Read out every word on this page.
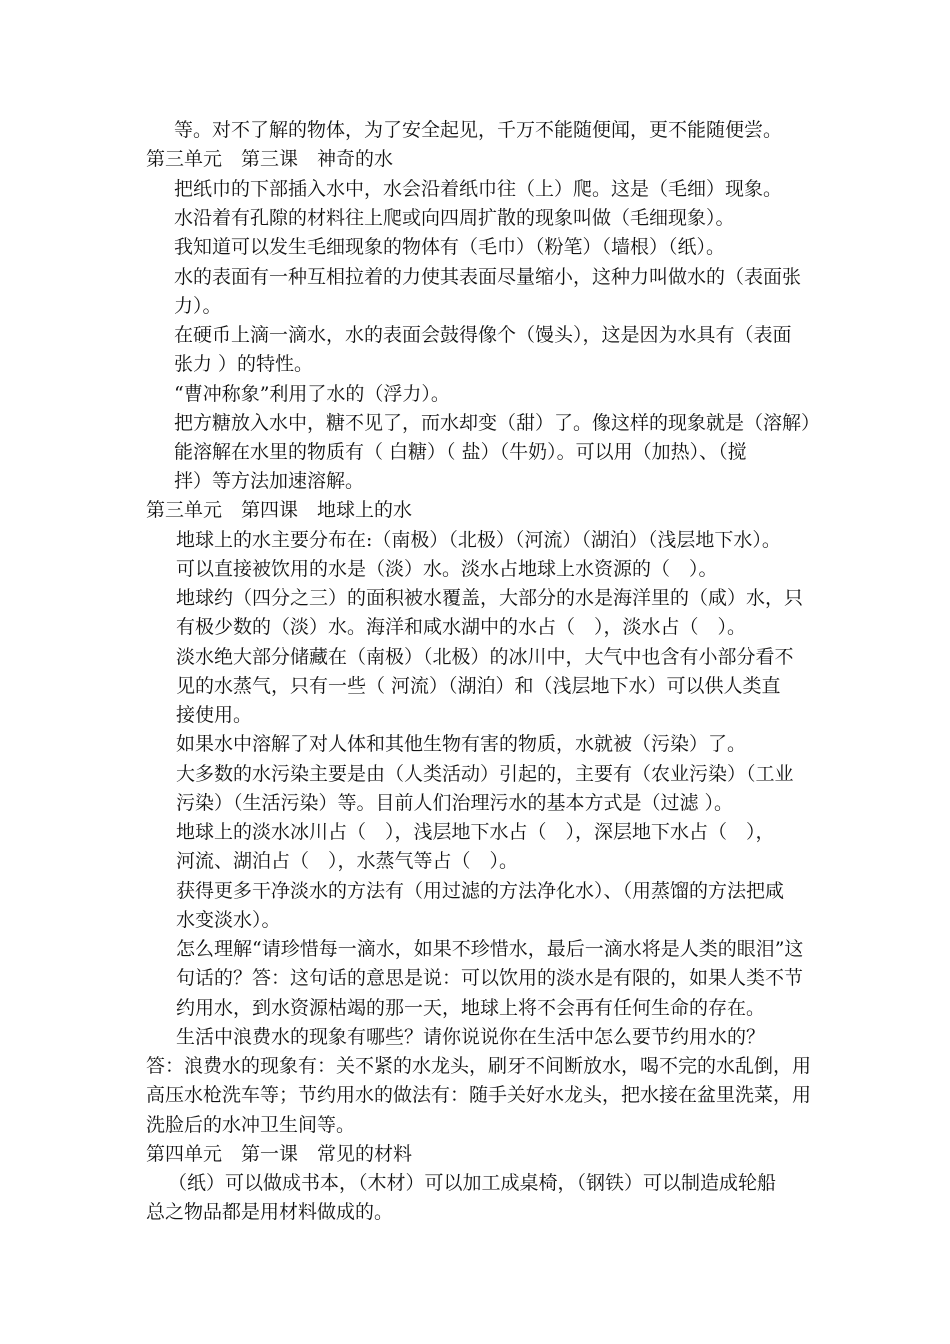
等。对不了解的物体，为了安全起见，千万不能随便闻，更不能随便尝。
第三单元　第三课　神奇的水
把纸巾的下部插入水中，水会沿着纸巾往（上）爬。这是（毛细）现象。
水沿着有孔隙的材料往上爬或向四周扩散的现象叫做（毛细现象）。
我知道可以发生毛细现象的物体有（毛巾）（粉笔）（墙根）（纸）。
水的表面有一种互相拉着的力使其表面尽量缩小，这种力叫做水的（表面张
力）。
在硬币上滴一滴水，水的表面会鼓得像个（馒头），这是因为水具有（表面
张力 ）的特性。
“曹冲称象”利用了水的（浮力）。
把方糖放入水中，糖不见了，而水却变（甜）了。像这样的现象就是（溶解）
能溶解在水里的物质有（ 白糖）（ 盐）（牛奶）。可以用（加热）、（搅
拌）等方法加速溶解。
第三单元　第四课　地球上的水
地球上的水主要分布在:（南极）（北极）（河流）（湖泊）（浅层地下水）。
可以直接被饮用的水是（淡）水。淡水占地球上水资源的（　）。
地球约（四分之三）的面积被水覆盖，大部分的水是海洋里的（咸）水，只
有极少数的（淡）水。海洋和咸水湖中的水占（　），淡水占（　）。
淡水绝大部分储藏在（南极）（北极）的冰川中，大气中也含有小部分看不
见的水蒸气，只有一些（ 河流）（湖泊）和（浅层地下水）可以供人类直
接使用。
如果水中溶解了对人体和其他生物有害的物质，水就被（污染）了。
大多数的水污染主要是由（人类活动）引起的，主要有（农业污染）（工业
污染）（生活污染）等。目前人们治理污水的基本方式是（过滤 ）。
地球上的淡水冰川占（　），浅层地下水占（　），深层地下水占（　），
河流、湖泊占（　），水蒸气等占（　）。
获得更多干净淡水的方法有（用过滤的方法净化水）、（用蒸馏的方法把咸
水变淡水）。
怎么理解“请珍惜每一滴水，如果不珍惜水，最后一滴水将是人类的眼泪”这
句话的？答：这句话的意思是说：可以饮用的淡水是有限的，如果人类不节
约用水，到水资源枯竭的那一天，地球上将不会再有任何生命的存在。
生活中浪费水的现象有哪些？请你说说你在生活中怎么要节约用水的？
答：浪费水的现象有：关不紧的水龙头，刷牙不间断放水，喝不完的水乱倒，用
高压水枪洗车等；节约用水的做法有：随手关好水龙头，把水接在盆里洗菜，用
洗脸后的水冲卫生间等。
第四单元　第一课　常见的材料
（纸）可以做成书本，（木材）可以加工成桌椅，（钢铁）可以制造成轮船
总之物品都是用材料做成的。
